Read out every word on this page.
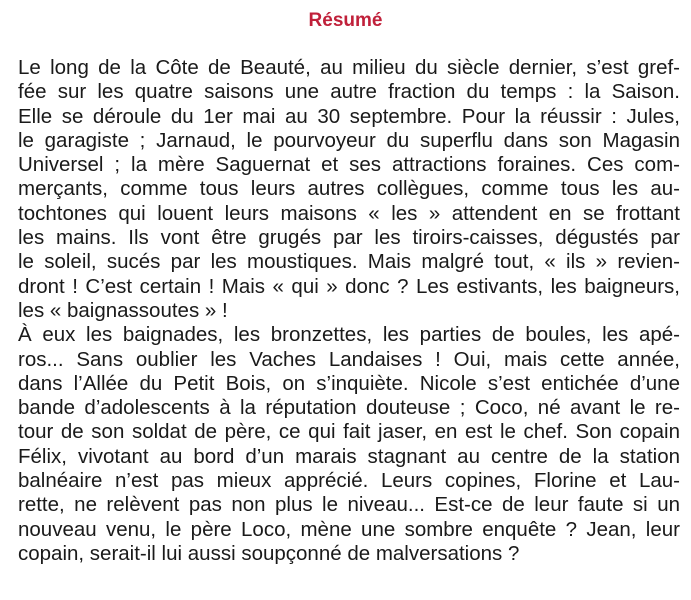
Résumé
Le long de la Côte de Beauté, au milieu du siècle dernier, s’est gref-
fée sur les quatre saisons une autre fraction du temps : la Saison.
Elle se déroule du 1er mai au 30 septembre. Pour la réussir : Jules,
le garagiste ; Jarnaud, le pourvoyeur du superflu dans son Magasin
Universel ; la mère Saguernat et ses attractions foraines. Ces com-
merçants, comme tous leurs autres collègues, comme tous les au-
tochtones qui louent leurs maisons « les » attendent en se frottant
les mains. Ils vont être grugés par les tiroirs-caisses, dégustés par
le soleil, sucés par les moustiques. Mais malgré tout, « ils » revien-
dront ! C’est certain ! Mais « qui » donc ? Les estivants, les baigneurs,
les « baignassoutes » !
À eux les baignades, les bronzettes, les parties de boules, les apé-
ros... Sans oublier les Vaches Landaises ! Oui, mais cette année,
dans l’Allée du Petit Bois, on s’inquiète. Nicole s’est entichée d’une
bande d’adolescents à la réputation douteuse ; Coco, né avant le re-
tour de son soldat de père, ce qui fait jaser, en est le chef. Son copain
Félix, vivotant au bord d’un marais stagnant au centre de la station
balnéaire n’est pas mieux apprécié. Leurs copines, Florine et Lau-
rette, ne relèvent pas non plus le niveau... Est-ce de leur faute si un
nouveau venu, le père Loco, mène une sombre enquête ? Jean, leur
copain, serait-il lui aussi soupçonné de malversations ?
